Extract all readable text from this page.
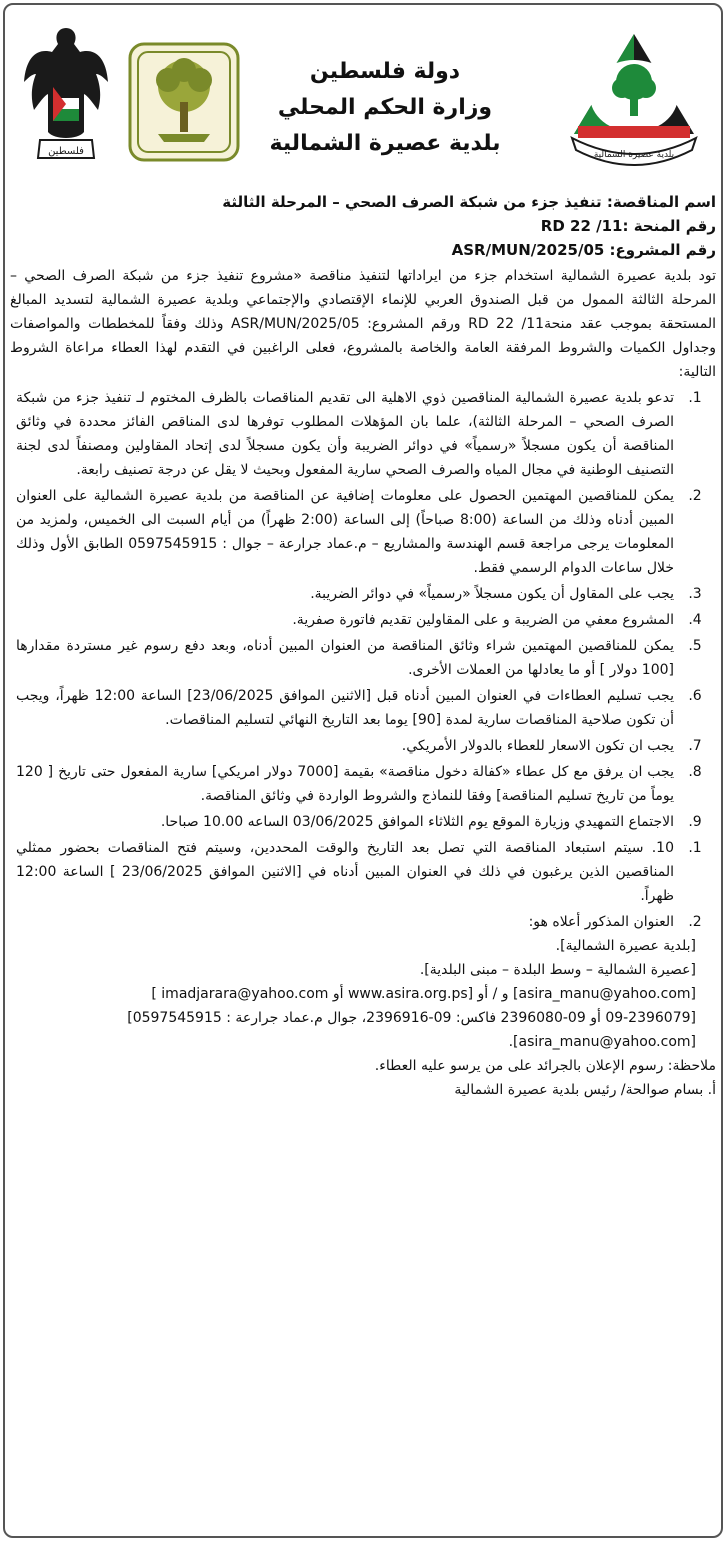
فلسطين
دولة فلسطين
وزارة الحكم المحلي
بلدية عصيرة الشمالية	بلدية عصيرة الشمالية
اسم المناقصة: تنفيذ جزء من شبكة الصرف الصحي – المرحلة الثالثة
رقم المنحة :11/ 22 RD
رقم المشروع: ASR/MUN/2025/05
تود بلدية عصيرة الشمالية استخدام جزء من ايراداتها لتنفيذ مناقصة «مشروع تنفيذ جزء من شبكة الصرف الصحي – المرحلة الثالثة الممول من قبل الصندوق العربي للإنماء الإقتصادي والإجتماعي وبلدية عصيرة الشمالية لتسديد المبالغ المستحقة بموجب عقد منحة11/ 22 RD ورقم المشروع: ASR/MUN/2025/05 وذلك وفقاً للمخططات والمواصفات وجداول الكميات والشروط المرفقة العامة والخاصة بالمشروع، فعلى الراغبين في التقدم لهذا العطاء مراعاة الشروط التالية:
1.
تدعو بلدية عصيرة الشمالية المناقصين ذوي الاهلية الى تقديم المناقصات بالظرف المختوم لـ تنفيذ جزء من شبكة الصرف الصحي – المرحلة الثالثة)، علما بان المؤهلات المطلوب توفرها لدى المناقص الفائز محددة في وثائق المناقصة أن يكون مسجلاً «رسمياً» في دوائر الضريبة وأن يكون مسجلاً لدى إتحاد المقاولين ومصنفاً لدى لجنة التصنيف الوطنية في مجال المياه والصرف الصحي سارية المفعول وبحيث لا يقل عن درجة تصنيف رابعة.
2.
يمكن للمناقصين المهتمين الحصول على معلومات إضافية عن المناقصة من بلدية عصيرة الشمالية على العنوان المبين أدناه وذلك من الساعة (8:00 صباحاً) إلى الساعة (2:00 ظهراً) من أيام السبت الى الخميس، ولمزيد من المعلومات يرجى مراجعة قسم الهندسة والمشاريع – م.عماد جرارعة – جوال : 0597545915 الطابق الأول وذلك خلال ساعات الدوام الرسمي فقط.
3.
يجب على المقاول أن يكون مسجلاً «رسمياً» في دوائر الضريبة.
4.
المشروع معفي من الضريبة و على المقاولين تقديم فاتورة صفرية.
5.
يمكن للمناقصين المهتمين شراء وثائق المناقصة من العنوان المبين أدناه، وبعد دفع رسوم غير مستردة مقدارها [100 دولار ] أو ما يعادلها من العملات الأخرى.
6.
يجب تسليم العطاءات في العنوان المبين أدناه قبل [الاثنين الموافق 23/06/2025] الساعة 12:00 ظهراً، ويجب أن تكون صلاحية المناقصات سارية لمدة [90] يوما بعد التاريخ النهائي لتسليم المناقصات.
7.
يجب ان تكون الاسعار للعطاء بالدولار الأمريكي.
8.
يجب ان يرفق مع كل عطاء «كفالة دخول مناقصة» بقيمة [7000 دولار امريكي] سارية المفعول حتى تاريخ [ 120 يوماً من تاريخ تسليم المناقصة] وفقا للنماذج والشروط الواردة في وثائق المناقصة.
9.
الاجتماع التمهيدي وزيارة الموقع يوم الثلاثاء الموافق 03/06/2025 الساعه 10.00 صباحا.
1.
10. سيتم استبعاد المناقصة التي تصل بعد التاريخ والوقت المحددين، وسيتم فتح المناقصات بحضور ممثلي المناقصين الذين يرغبون في ذلك في العنوان المبين أدناه في [الاثنين الموافق 23/06/2025 ] الساعة 12:00 ظهراً.
2.
العنوان المذكور أعلاه هو:
[بلدية عصيرة الشمالية].
[عصيرة الشمالية – وسط البلدة – مبنى البلدية].
[asira_manu@yahoo.com] و / أو [www.asira.org.ps أو imadjarara@yahoo.com ]
[09-2396079 أو 09-2396080 فاكس: 09-2396916، جوال م.عماد جرارعة : 0597545915]
[asira_manu@yahoo.com].
ملاحظة: رسوم الإعلان بالجرائد على من يرسو عليه العطاء.
أ. بسام صوالحة/ رئيس بلدية عصيرة الشمالية
